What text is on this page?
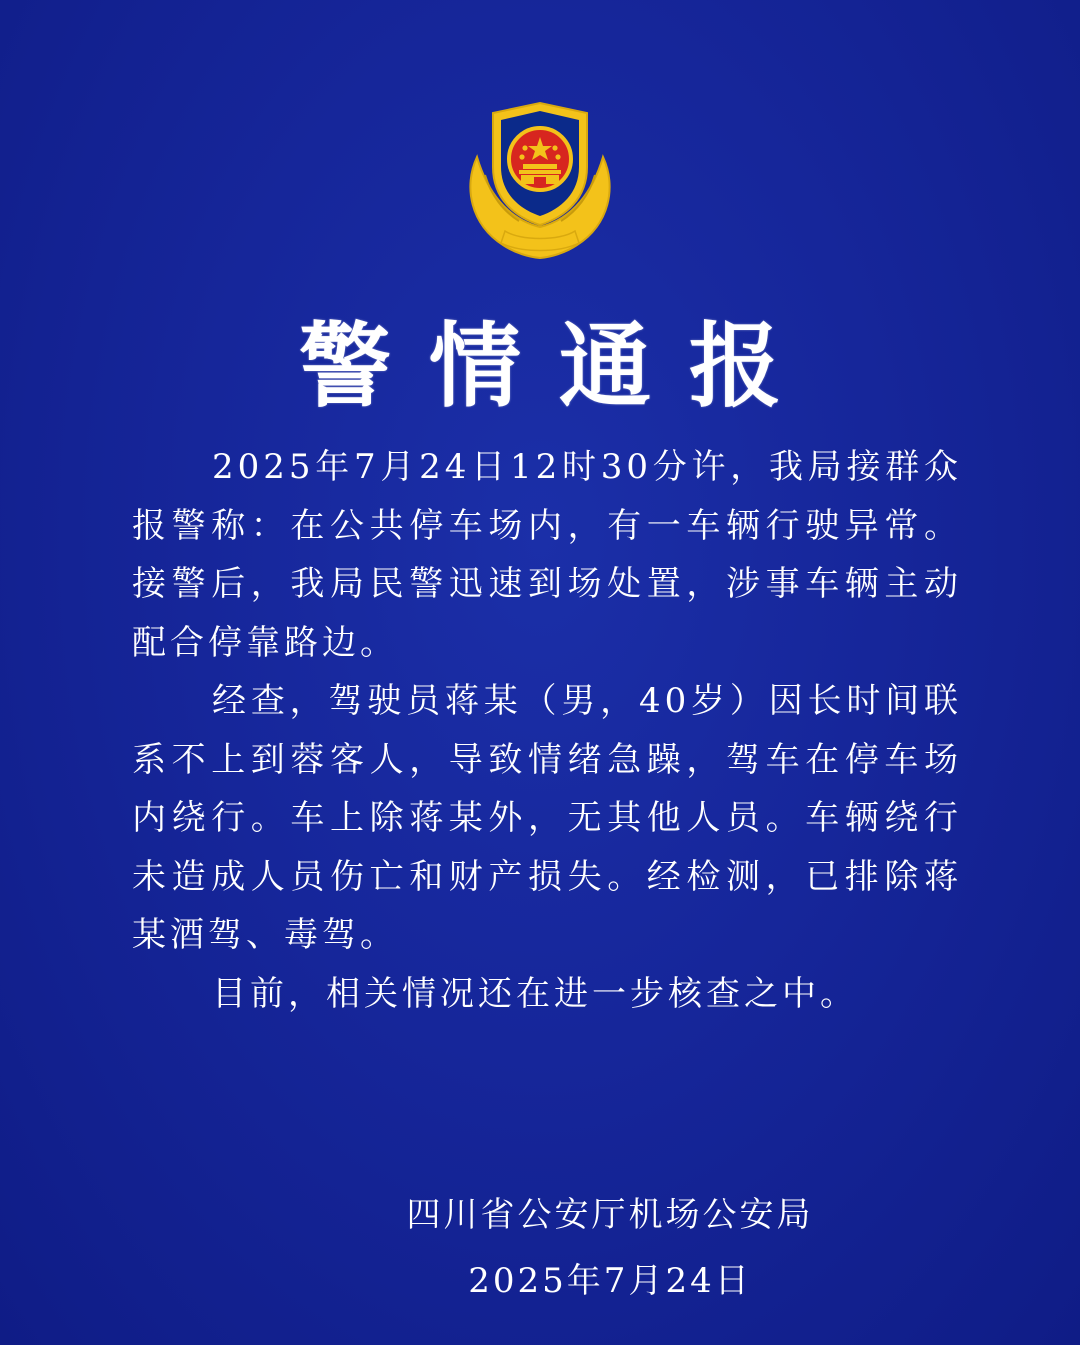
警情通报

2025年7月24日12时30分许，我局接群众报警称：在公共停车场内，有一车辆行驶异常。接警后，我局民警迅速到场处置，涉事车辆主动配合停靠路边。

经查，驾驶员蒋某（男，40岁）因长时间联系不上到蓉客人，导致情绪急躁，驾车在停车场内绕行。车上除蒋某外，无其他人员。车辆绕行未造成人员伤亡和财产损失。经检测，已排除蒋某酒驾、毒驾。

目前，相关情况还在进一步核查之中。

四川省公安厅机场公安局
2025年7月24日
